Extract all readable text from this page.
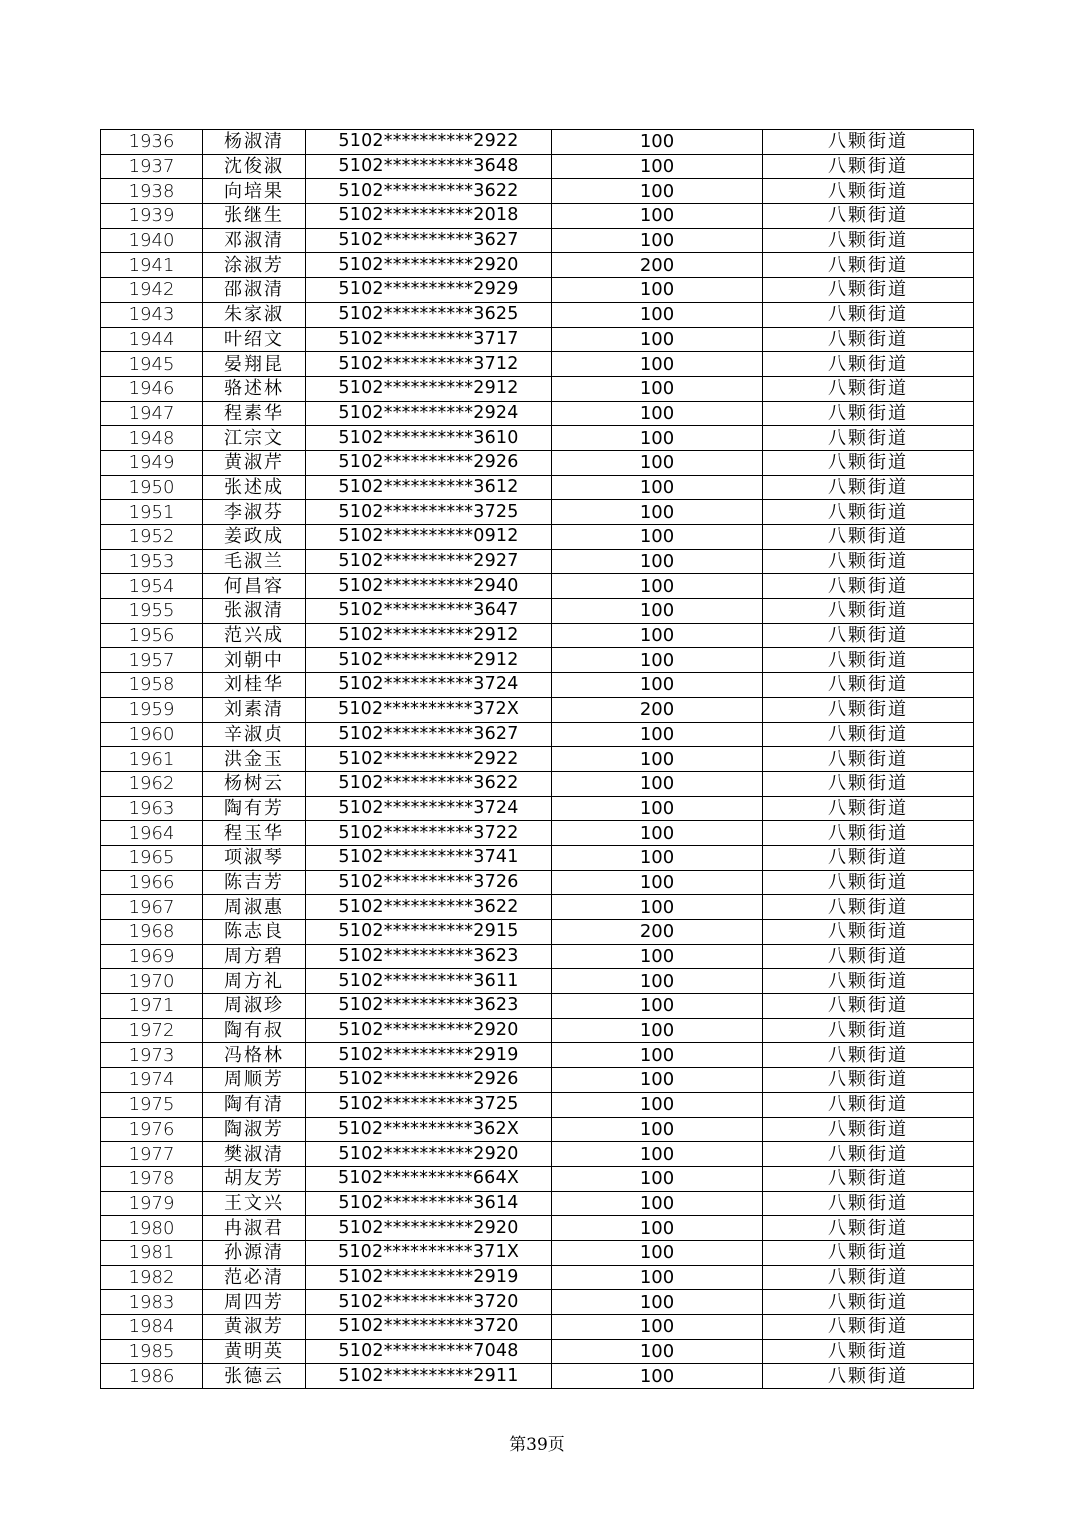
1936	杨淑清	5102**********2922	100	八颗街道
1937	沈俊淑	5102**********3648	100	八颗街道
1938	向培果	5102**********3622	100	八颗街道
1939	张继生	5102**********2018	100	八颗街道
1940	邓淑清	5102**********3627	100	八颗街道
1941	涂淑芳	5102**********2920	200	八颗街道
1942	邵淑清	5102**********2929	100	八颗街道
1943	朱家淑	5102**********3625	100	八颗街道
1944	叶绍文	5102**********3717	100	八颗街道
1945	晏翔昆	5102**********3712	100	八颗街道
1946	骆述林	5102**********2912	100	八颗街道
1947	程素华	5102**********2924	100	八颗街道
1948	江宗文	5102**********3610	100	八颗街道
1949	黄淑芹	5102**********2926	100	八颗街道
1950	张述成	5102**********3612	100	八颗街道
1951	李淑芬	5102**********3725	100	八颗街道
1952	姜政成	5102**********0912	100	八颗街道
1953	毛淑兰	5102**********2927	100	八颗街道
1954	何昌容	5102**********2940	100	八颗街道
1955	张淑清	5102**********3647	100	八颗街道
1956	范兴成	5102**********2912	100	八颗街道
1957	刘朝中	5102**********2912	100	八颗街道
1958	刘桂华	5102**********3724	100	八颗街道
1959	刘素清	5102**********372X	200	八颗街道
1960	辛淑贞	5102**********3627	100	八颗街道
1961	洪金玉	5102**********2922	100	八颗街道
1962	杨树云	5102**********3622	100	八颗街道
1963	陶有芳	5102**********3724	100	八颗街道
1964	程玉华	5102**********3722	100	八颗街道
1965	项淑琴	5102**********3741	100	八颗街道
1966	陈吉芳	5102**********3726	100	八颗街道
1967	周淑惠	5102**********3622	100	八颗街道
1968	陈志良	5102**********2915	200	八颗街道
1969	周方碧	5102**********3623	100	八颗街道
1970	周方礼	5102**********3611	100	八颗街道
1971	周淑珍	5102**********3623	100	八颗街道
1972	陶有叔	5102**********2920	100	八颗街道
1973	冯格林	5102**********2919	100	八颗街道
1974	周顺芳	5102**********2926	100	八颗街道
1975	陶有清	5102**********3725	100	八颗街道
1976	陶淑芳	5102**********362X	100	八颗街道
1977	樊淑清	5102**********2920	100	八颗街道
1978	胡友芳	5102**********664X	100	八颗街道
1979	王文兴	5102**********3614	100	八颗街道
1980	冉淑君	5102**********2920	100	八颗街道
1981	孙源清	5102**********371X	100	八颗街道
1982	范必清	5102**********2919	100	八颗街道
1983	周四芳	5102**********3720	100	八颗街道
1984	黄淑芳	5102**********3720	100	八颗街道
1985	黄明英	5102**********7048	100	八颗街道
1986	张德云	5102**********2911	100	八颗街道
第39页
